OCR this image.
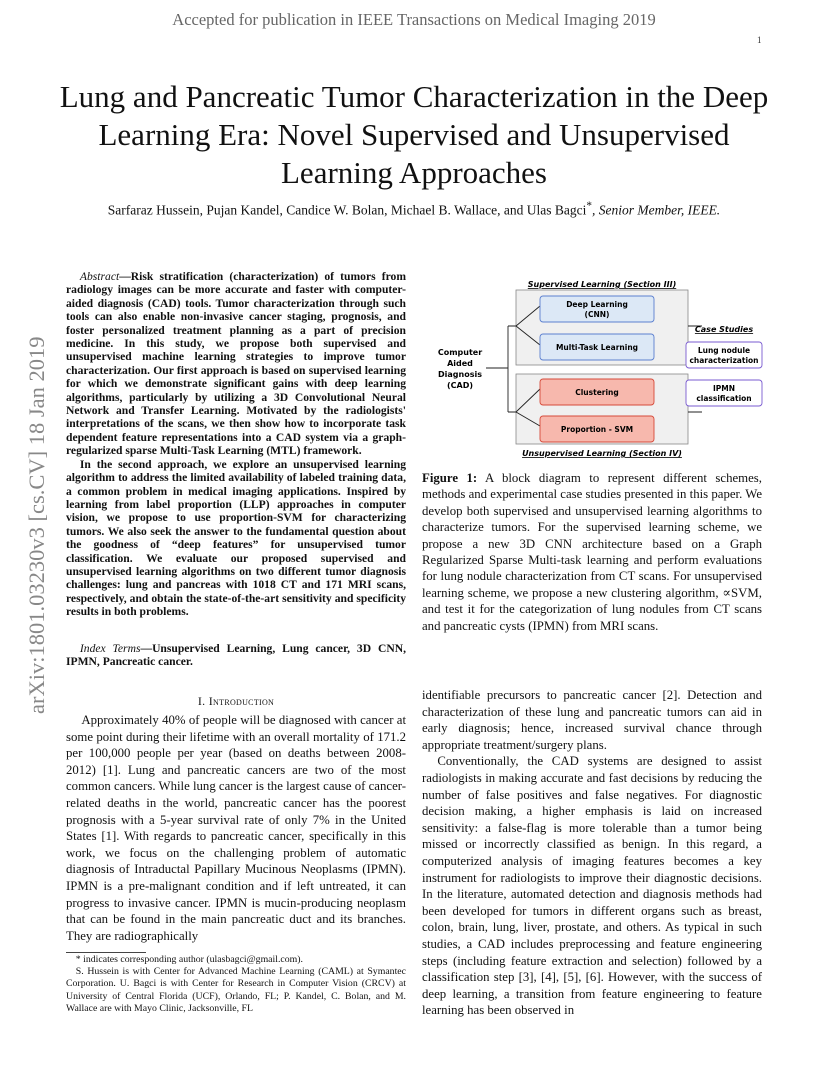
Accepted for publication in IEEE Transactions on Medical Imaging 2019
1
Lung and Pancreatic Tumor Characterization in the Deep Learning Era: Novel Supervised and Unsupervised Learning Approaches
Sarfaraz Hussein, Pujan Kandel, Candice W. Bolan, Michael B. Wallace, and Ulas Bagci*, Senior Member, IEEE.
arXiv:1801.03230v3 [cs.CV] 18 Jan 2019

Abstract—Risk stratification (characterization) of tumors from radiology images can be more accurate and faster with computer-aided diagnosis (CAD) tools. Tumor characterization through such tools can also enable non-invasive cancer staging, prognosis, and foster personalized treatment planning as a part of precision medicine. In this study, we propose both supervised and unsupervised machine learning strategies to improve tumor characterization. Our first approach is based on supervised learning for which we demonstrate significant gains with deep learning algorithms, particularly by utilizing a 3D Convolutional Neural Network and Transfer Learning. Motivated by the radiologists' interpretations of the scans, we then show how to incorporate task dependent feature representations into a CAD system via a graph-regularized sparse Multi-Task Learning (MTL) framework.

In the second approach, we explore an unsupervised learning algorithm to address the limited availability of labeled training data, a common problem in medical imaging applications. Inspired by learning from label proportion (LLP) approaches in computer vision, we propose to use proportion-SVM for characterizing tumors. We also seek the answer to the fundamental question about the goodness of “deep features” for unsupervised tumor classification. We evaluate our proposed supervised and unsupervised learning algorithms on two different tumor diagnosis challenges: lung and pancreas with 1018 CT and 171 MRI scans, respectively, and obtain the state-of-the-art sensitivity and specificity results in both problems.

Index Terms—Unsupervised Learning, Lung cancer, 3D CNN, IPMN, Pancreatic cancer.

Supervised Learning (Section III)
Unsupervised Learning (Section IV)
Computer
Aided
Diagnosis
(CAD)
Deep Learning
(CNN)
Multi-Task Learning
Clustering
Proportion - SVM
Case Studies
Lung nodule
characterization
IPMN
classification
Figure 1: A block diagram to represent different schemes, methods and experimental case studies presented in this paper. We develop both supervised and unsupervised learning algorithms to characterize tumors. For the supervised learning scheme, we propose a new 3D CNN architecture based on a Graph Regularized Sparse Multi-task learning and perform evaluations for lung nodule characterization from CT scans. For unsupervised learning scheme, we propose a new clustering algorithm, ∝SVM, and test it for the categorization of lung nodules from CT scans and pancreatic cysts (IPMN) from MRI scans.
I. Introduction

Approximately 40% of people will be diagnosed with cancer at some point during their lifetime with an overall mortality of 171.2 per 100,000 people per year (based on deaths between 2008-2012) [1]. Lung and pancreatic cancers are two of the most common cancers. While lung cancer is the largest cause of cancer-related deaths in the world, pancreatic cancer has the poorest prognosis with a 5-year survival rate of only 7% in the United States [1]. With regards to pancreatic cancer, specifically in this work, we focus on the challenging problem of automatic diagnosis of Intraductal Papillary Mucinous Neoplasms (IPMN). IPMN is a pre-malignant condition and if left untreated, it can progress to invasive cancer. IPMN is mucin-producing neoplasm that can be found in the main pancreatic duct and its branches. They are radiographically

identifiable precursors to pancreatic cancer [2]. Detection and characterization of these lung and pancreatic tumors can aid in early diagnosis; hence, increased survival chance through appropriate treatment/surgery plans.

Conventionally, the CAD systems are designed to assist radiologists in making accurate and fast decisions by reducing the number of false positives and false negatives. For diagnostic decision making, a higher emphasis is laid on increased sensitivity: a false-flag is more tolerable than a tumor being missed or incorrectly classified as benign. In this regard, a computerized analysis of imaging features becomes a key instrument for radiologists to improve their diagnostic decisions. In the literature, automated detection and diagnosis methods had been developed for tumors in different organs such as breast, colon, brain, lung, liver, prostate, and others. As typical in such studies, a CAD includes preprocessing and feature engineering steps (including feature extraction and selection) followed by a classification step [3], [4], [5], [6]. However, with the success of deep learning, a transition from feature engineering to feature learning has been observed in

* indicates corresponding author (ulasbagci@gmail.com).

S. Hussein is with Center for Advanced Machine Learning (CAML) at Symantec Corporation. U. Bagci is with Center for Research in Computer Vision (CRCV) at University of Central Florida (UCF), Orlando, FL; P. Kandel, C. Bolan, and M. Wallace are with Mayo Clinic, Jacksonville, FL
